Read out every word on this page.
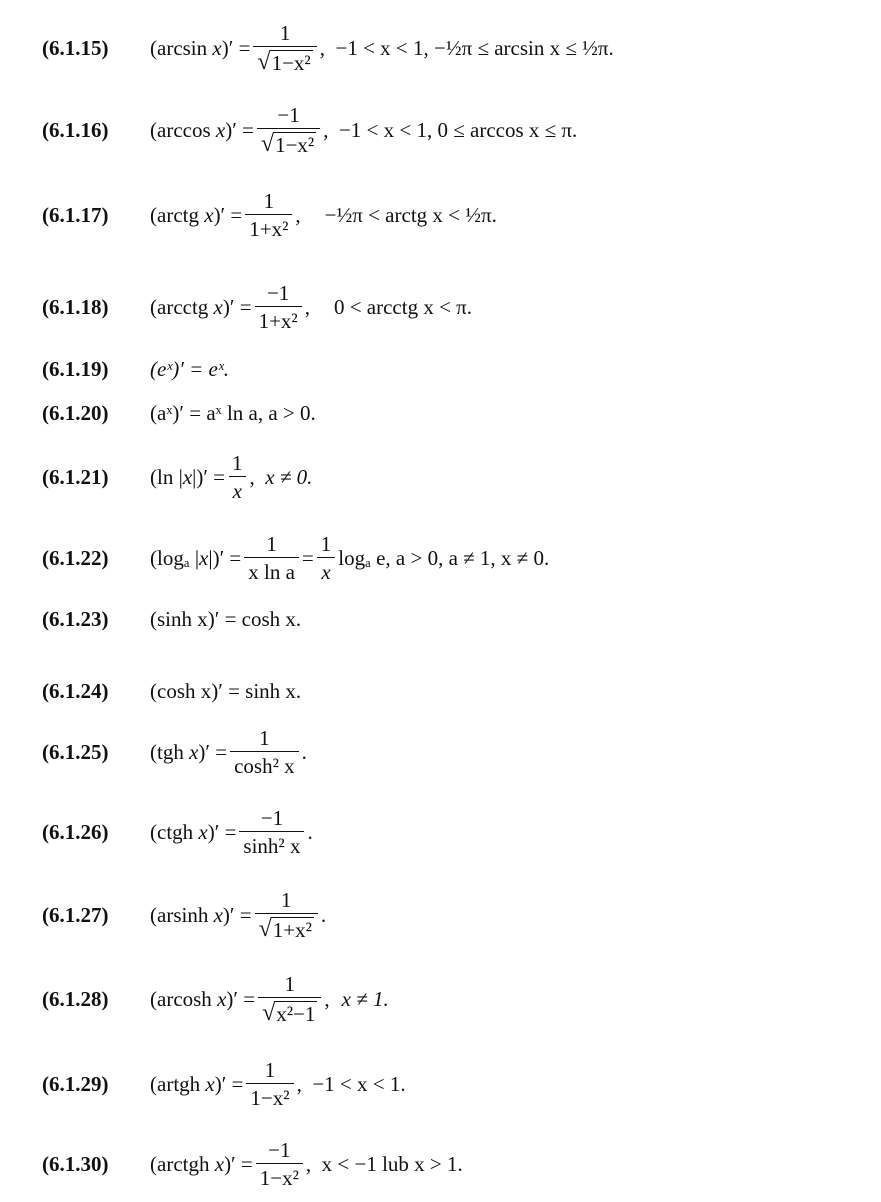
(6.1.15)	(arcsin $x)' = \frac{1}{\text{√ 1−x²}}$ , −1 < x < 1, −½π ≤ arcsin x ≤ ½π.
(6.1.16)	(arccos $x)' = \frac{-1}{\text{√ 1−x²}}$ , −1 < x < 1, 0 ≤ arccos x ≤ π.
(6.1.17)	(arctg $x)' = \frac{1}{\text{1+x²}}$ ,	−½π < arctg x < ½π.
(6.1.18)	(arcctg $x)' = \frac{-1}{\text{1+x²}}$ ,	0 < arcctg x < π.
(6.1.19)	(eˣ)′ = eˣ.
(6.1.20)	(aˣ)′ = aˣ ln a, a > 0.
(6.1.21)	(ln $|x|)' = \frac{1}{x}$ , x ≠ 0.
(6.1.22)	(logₐ $|x|)' = \frac{1}{\text{x ln a}} = \frac{1}{x}$ logₐ e, a > 0, a ≠ 1, x ≠ 0.
(6.1.23)	(sinh x)′ = cosh x.
(6.1.24)	(cosh x)′ = sinh x.
(6.1.25)	(tgh $x)' = \frac{1}{\text{cosh² x}}$ .
(6.1.26)	(ctgh $x)' = \frac{-1}{\text{sinh² x}}$ .
(6.1.27)	(arsinh $x)' = \frac{1}{\text{√ 1+x²}}$ .
(6.1.28)	(arcosh $x)' = \frac{1}{\text{√ x²−1}}$ , x ≠ 1.
(6.1.29)	(artgh $x)' = \frac{1}{\text{1−x²}}$ , −1 < x < 1.
(6.1.30)	(arctgh $x)' = \frac{-1}{\text{1−x²}}$ , x < −1 lub x > 1.
